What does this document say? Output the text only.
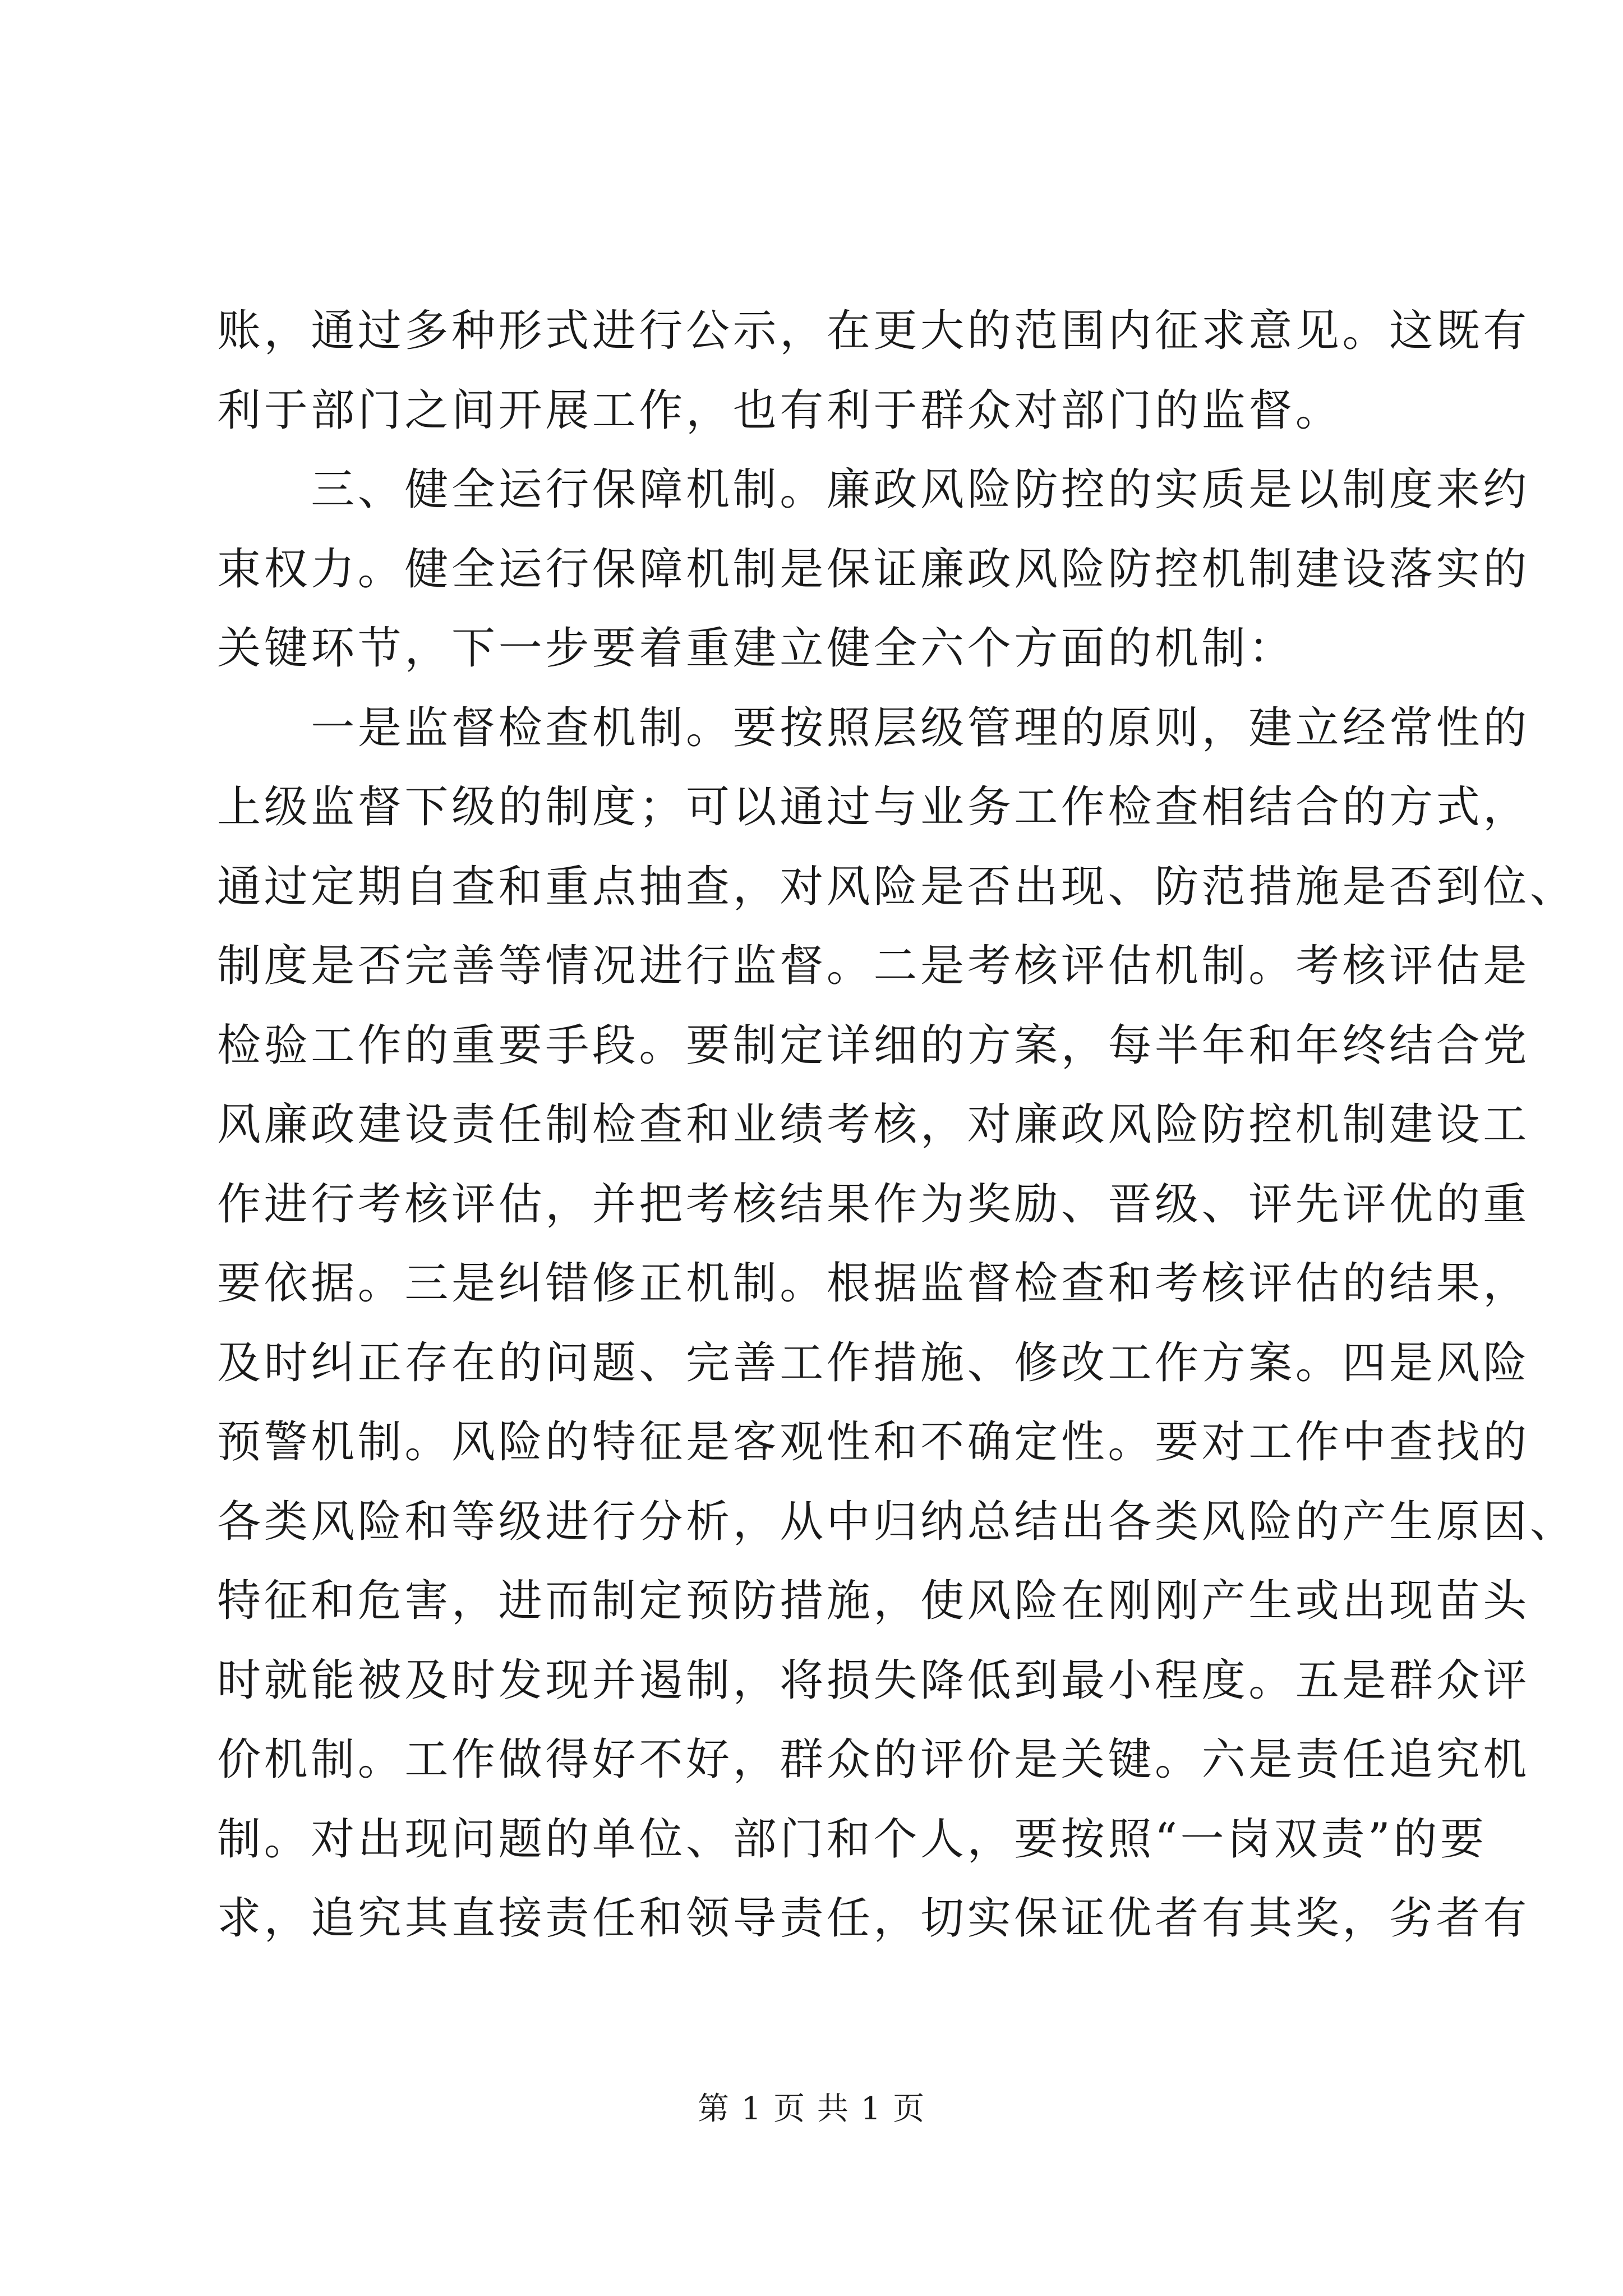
账，通过多种形式进行公示，在更大的范围内征求意见。这既有
利于部门之间开展工作，也有利于群众对部门的监督。
　　三、健全运行保障机制。廉政风险防控的实质是以制度来约
束权力。健全运行保障机制是保证廉政风险防控机制建设落实的
关键环节，下一步要着重建立健全六个方面的机制：
　　一是监督检查机制。要按照层级管理的原则，建立经常性的
上级监督下级的制度；可以通过与业务工作检查相结合的方式，
通过定期自查和重点抽查，对风险是否出现、防范措施是否到位、
制度是否完善等情况进行监督。二是考核评估机制。考核评估是
检验工作的重要手段。要制定详细的方案，每半年和年终结合党
风廉政建设责任制检查和业绩考核，对廉政风险防控机制建设工
作进行考核评估，并把考核结果作为奖励、晋级、评先评优的重
要依据。三是纠错修正机制。根据监督检查和考核评估的结果，
及时纠正存在的问题、完善工作措施、修改工作方案。四是风险
预警机制。风险的特征是客观性和不确定性。要对工作中查找的
各类风险和等级进行分析，从中归纳总结出各类风险的产生原因、
特征和危害，进而制定预防措施，使风险在刚刚产生或出现苗头
时就能被及时发现并遏制，将损失降低到最小程度。五是群众评
价机制。工作做得好不好，群众的评价是关键。六是责任追究机
制。对出现问题的单位、部门和个人，要按照“一岗双责”的要
求，追究其直接责任和领导责任，切实保证优者有其奖，劣者有
第 1 页 共 1 页
